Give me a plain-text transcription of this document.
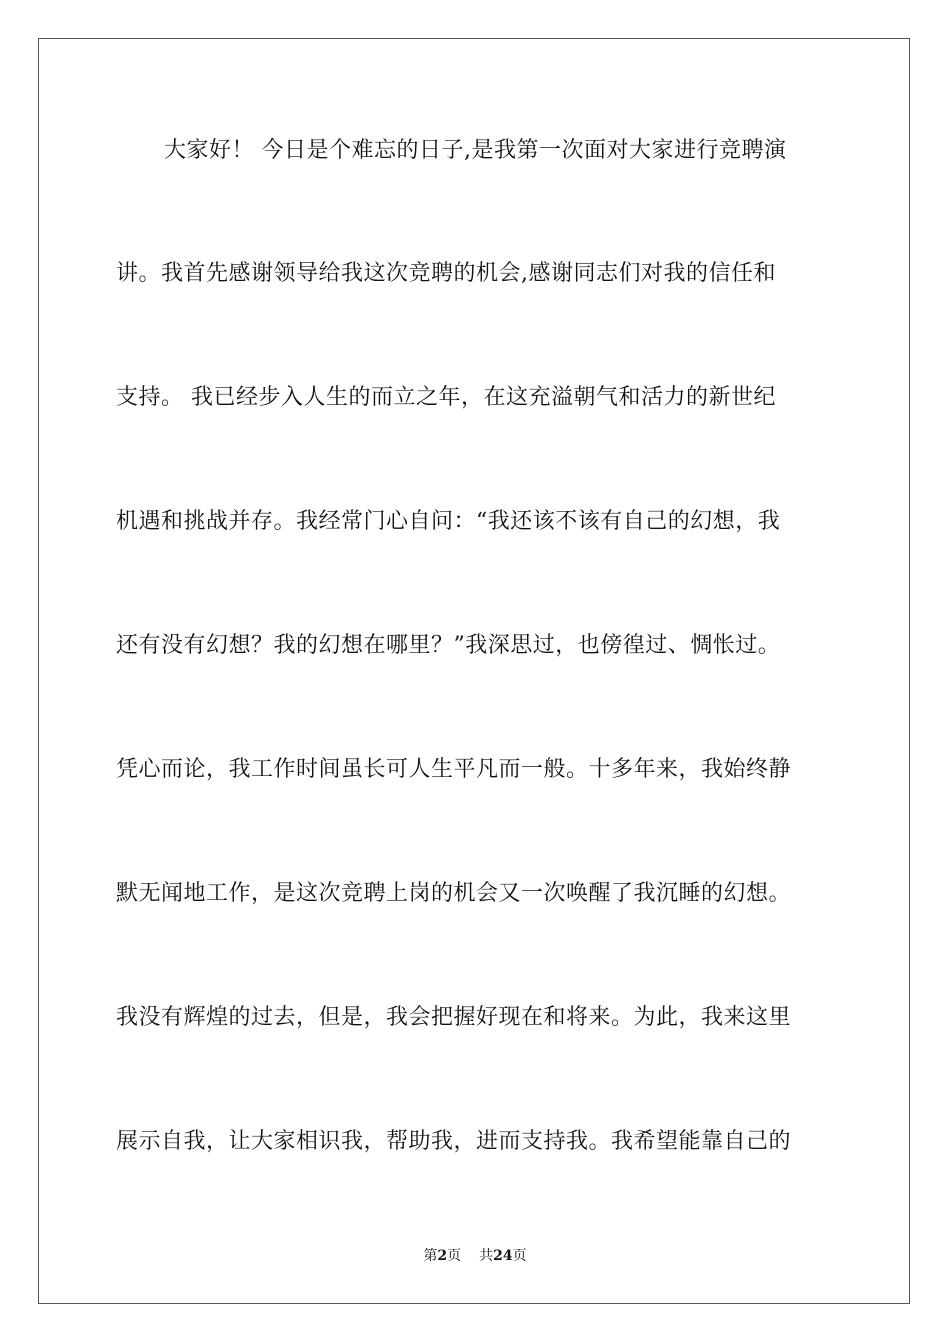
大家好！ 今日是个难忘的日子,是我第一次面对大家进行竞聘演
讲。我首先感谢领导给我这次竞聘的机会,感谢同志们对我的信任和
支持。 我已经步入人生的而立之年，在这充溢朝气和活力的新世纪
机遇和挑战并存。我经常门心自问：“我还该不该有自己的幻想，我
还有没有幻想？我的幻想在哪里？”我深思过，也傍徨过、惆怅过。
凭心而论，我工作时间虽长可人生平凡而一般。十多年来，我始终静
默无闻地工作，是这次竞聘上岗的机会又一次唤醒了我沉睡的幻想。
我没有辉煌的过去，但是，我会把握好现在和将来。为此，我来这里
展示自我，让大家相识我，帮助我，进而支持我。我希望能靠自己的
第2页 共24页
